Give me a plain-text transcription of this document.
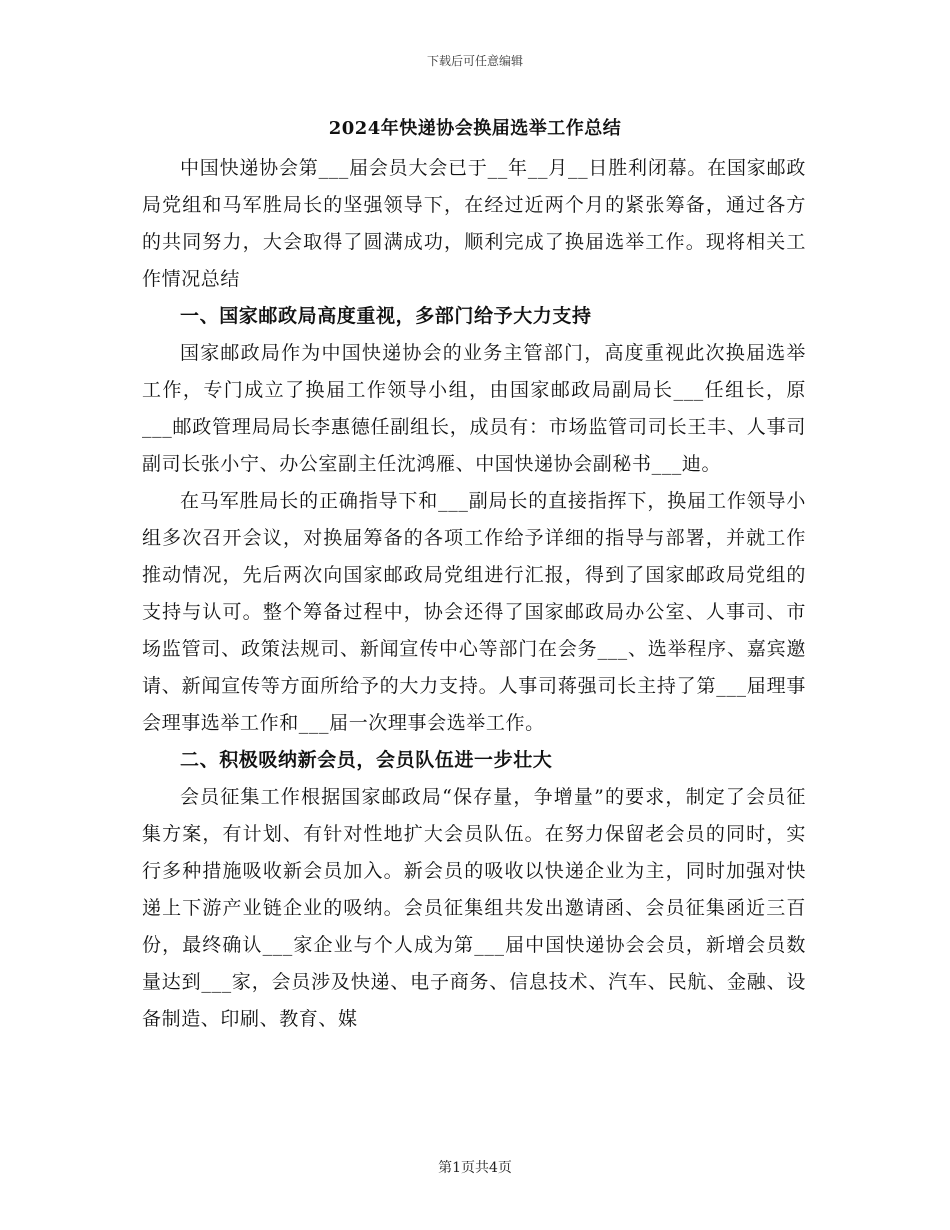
下载后可任意编辑
2024年快递协会换届选举工作总结

中国快递协会第___届会员大会已于__年__月__日胜利闭幕。在国家邮政局党组和马军胜局长的坚强领导下，在经过近两个月的紧张筹备，通过各方的共同努力，大会取得了圆满成功，顺利完成了换届选举工作。现将相关工作情况总结

一、国家邮政局高度重视，多部门给予大力支持

国家邮政局作为中国快递协会的业务主管部门，高度重视此次换届选举工作，专门成立了换届工作领导小组，由国家邮政局副局长___任组长，原___邮政管理局局长李惠德任副组长，成员有：市场监管司司长王丰、人事司副司长张小宁、办公室副主任沈鸿雁、中国快递协会副秘书___迪。

在马军胜局长的正确指导下和___副局长的直接指挥下，换届工作领导小组多次召开会议，对换届筹备的各项工作给予详细的指导与部署，并就工作推动情况，先后两次向国家邮政局党组进行汇报，得到了国家邮政局党组的支持与认可。整个筹备过程中，协会还得了国家邮政局办公室、人事司、市场监管司、政策法规司、新闻宣传中心等部门在会务___、选举程序、嘉宾邀请、新闻宣传等方面所给予的大力支持。人事司蒋强司长主持了第___届理事会理事选举工作和___届一次理事会选举工作。

二、积极吸纳新会员，会员队伍进一步壮大

会员征集工作根据国家邮政局“保存量，争增量”的要求，制定了会员征集方案，有计划、有针对性地扩大会员队伍。在努力保留老会员的同时，实行多种措施吸收新会员加入。新会员的吸收以快递企业为主，同时加强对快递上下游产业链企业的吸纳。会员征集组共发出邀请函、会员征集函近三百份，最终确认___家企业与个人成为第___届中国快递协会会员，新增会员数量达到___家，会员涉及快递、电子商务、信息技术、汽车、民航、金融、设备制造、印刷、教育、媒

第1页共4页
